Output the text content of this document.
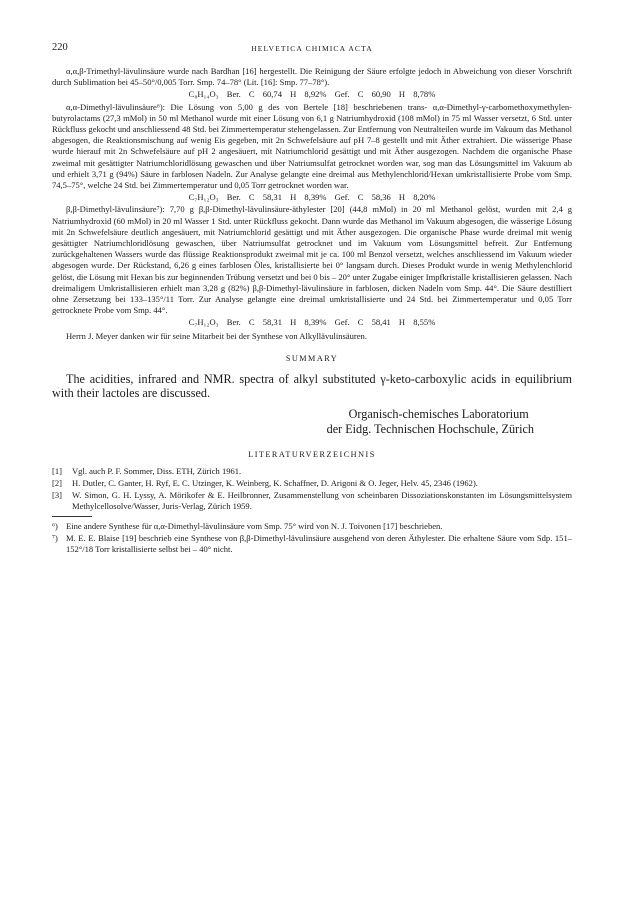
220	HELVETICA CHIMICA ACTA

α,α,β-Trimethyl-lävulinsäure wurde nach Bardhan [16] hergestellt. Die Reinigung der Säure erfolgte jedoch in Abweichung von dieser Vorschrift durch Sublimation bei 45–50°/0,005 Torr. Smp. 74–78° (Lit. [16]: Smp. 77–78°).

C₈H₁₄O₃ Ber. C 60,74 H 8,92% Gef. C 60,90 H 8,78%

α,α-Dimethyl-lävulinsäure⁶): Die Lösung von 5,00 g des von Bertele [18] beschriebenen trans- α,α-Dimethyl-γ-carbomethoxymethylen-butyrolactams (27,3 mMol) in 50 ml Methanol wurde mit einer Lösung von 6,1 g Natriumhydroxid (108 mMol) in 75 ml Wasser versetzt, 6 Std. unter Rückfluss gekocht und anschliessend 48 Std. bei Zimmertemperatur stehengelassen. Zur Entfernung von Neutralteilen wurde im Vakuum das Methanol abgesogen, die Reaktionsmischung auf wenig Eis gegeben, mit 2n Schwefelsäure auf pH 7–8 gestellt und mit Äther extrahiert. Die wässerige Phase wurde hierauf mit 2n Schwefelsäure auf pH 2 angesäuert, mit Natriumchlorid gesättigt und mit Äther ausgezogen. Nachdem die organische Phase zweimal mit gesättigter Natriumchloridlösung gewaschen und über Natriumsulfat getrocknet worden war, sog man das Lösungsmittel im Vakuum ab und erhielt 3,71 g (94%) Säure in farblosen Nadeln. Zur Analyse gelangte eine dreimal aus Methylenchlorid/Hexan umkristallisierte Probe vom Smp. 74,5–75°, welche 24 Std. bei Zimmertemperatur und 0,05 Torr getrocknet worden war.

C₇H₁₂O₃ Ber. C 58,31 H 8,39% Gef. C 58,36 H 8,20%

β,β-Dimethyl-lävulinsäure⁷): 7,70 g β,β-Dimethyl-lävulinsäure-äthylester [20] (44,8 mMol) in 20 ml Methanol gelöst, wurden mit 2,4 g Natriumhydroxid (60 mMol) in 20 ml Wasser 1 Std. unter Rückfluss gekocht. Dann wurde das Methanol im Vakuum abgesogen, die wässerige Lösung mit 2n Schwefelsäure deutlich angesäuert, mit Natriumchlorid gesättigt und mit Äther ausgezogen. Die organische Phase wurde dreimal mit wenig gesättigter Natriumchloridlösung gewaschen, über Natriumsulfat getrocknet und im Vakuum vom Lösungsmittel befreit. Zur Entfernung zurückgehaltenen Wassers wurde das flüssige Reaktionsprodukt zweimal mit je ca. 100 ml Benzol versetzt, welches anschliessend im Vakuum wieder abgesogen wurde. Der Rückstand, 6,26 g eines farblosen Öles, kristallisierte bei 0° langsam durch. Dieses Produkt wurde in wenig Methylenchlorid gelöst, die Lösung mit Hexan bis zur beginnenden Trübung versetzt und bei 0 bis – 20° unter Zugabe einiger Impfkristalle kristallisieren gelassen. Nach dreimaligem Umkristallisieren erhielt man 3,28 g (82%) β,β-Dimethyl-lävulinsäure in farblosen, dicken Nadeln vom Smp. 44°. Die Säure destilliert ohne Zersetzung bei 133–135°/11 Torr. Zur Analyse gelangte eine dreimal umkristallisierte und 24 Std. bei Zimmertemperatur und 0,05 Torr getrocknete Probe vom Smp. 44°.

C₇H₁₂O₃ Ber. C 58,31 H 8,39% Gef. C 58,41 H 8,55%

Herrn J. Meyer danken wir für seine Mitarbeit bei der Synthese von Alkyllävulinsäuren.

SUMMARY

The acidities, infrared and NMR. spectra of alkyl substituted γ-keto-carboxylic acids in equilibrium with their lactoles are discussed.

Organisch-chemisches Laboratorium
der Eidg. Technischen Hochschule, Zürich
LITERATURVERZEICHNIS
[1]	Vgl. auch P. F. Sommer, Diss. ETH, Zürich 1961.
[2]	H. Dutler, C. Ganter, H. Ryf, E. C. Utzinger, K. Weinberg, K. Schaffner, D. Arigoni & O. Jeger, Helv. 45, 2346 (1962).
[3]	W. Simon, G. H. Lyssy, A. Mörikofer & E. Heilbronner, Zusammenstellung von scheinbaren Dissoziationskonstanten im Lösungsmittelsystem Methylcellosolve/Wasser, Juris-Verlag, Zürich 1959.
⁶) Eine andere Synthese für α,α-Dimethyl-lävulinsäure vom Smp. 75° wird von N. J. Toivonen [17] beschrieben.
⁷) M. E. E. Blaise [19] beschrieb eine Synthese von β,β-Dimethyl-lävulinsäure ausgehend von deren Äthylester. Die erhaltene Säure vom Sdp. 151–152°/18 Torr kristallisierte selbst bei – 40° nicht.
